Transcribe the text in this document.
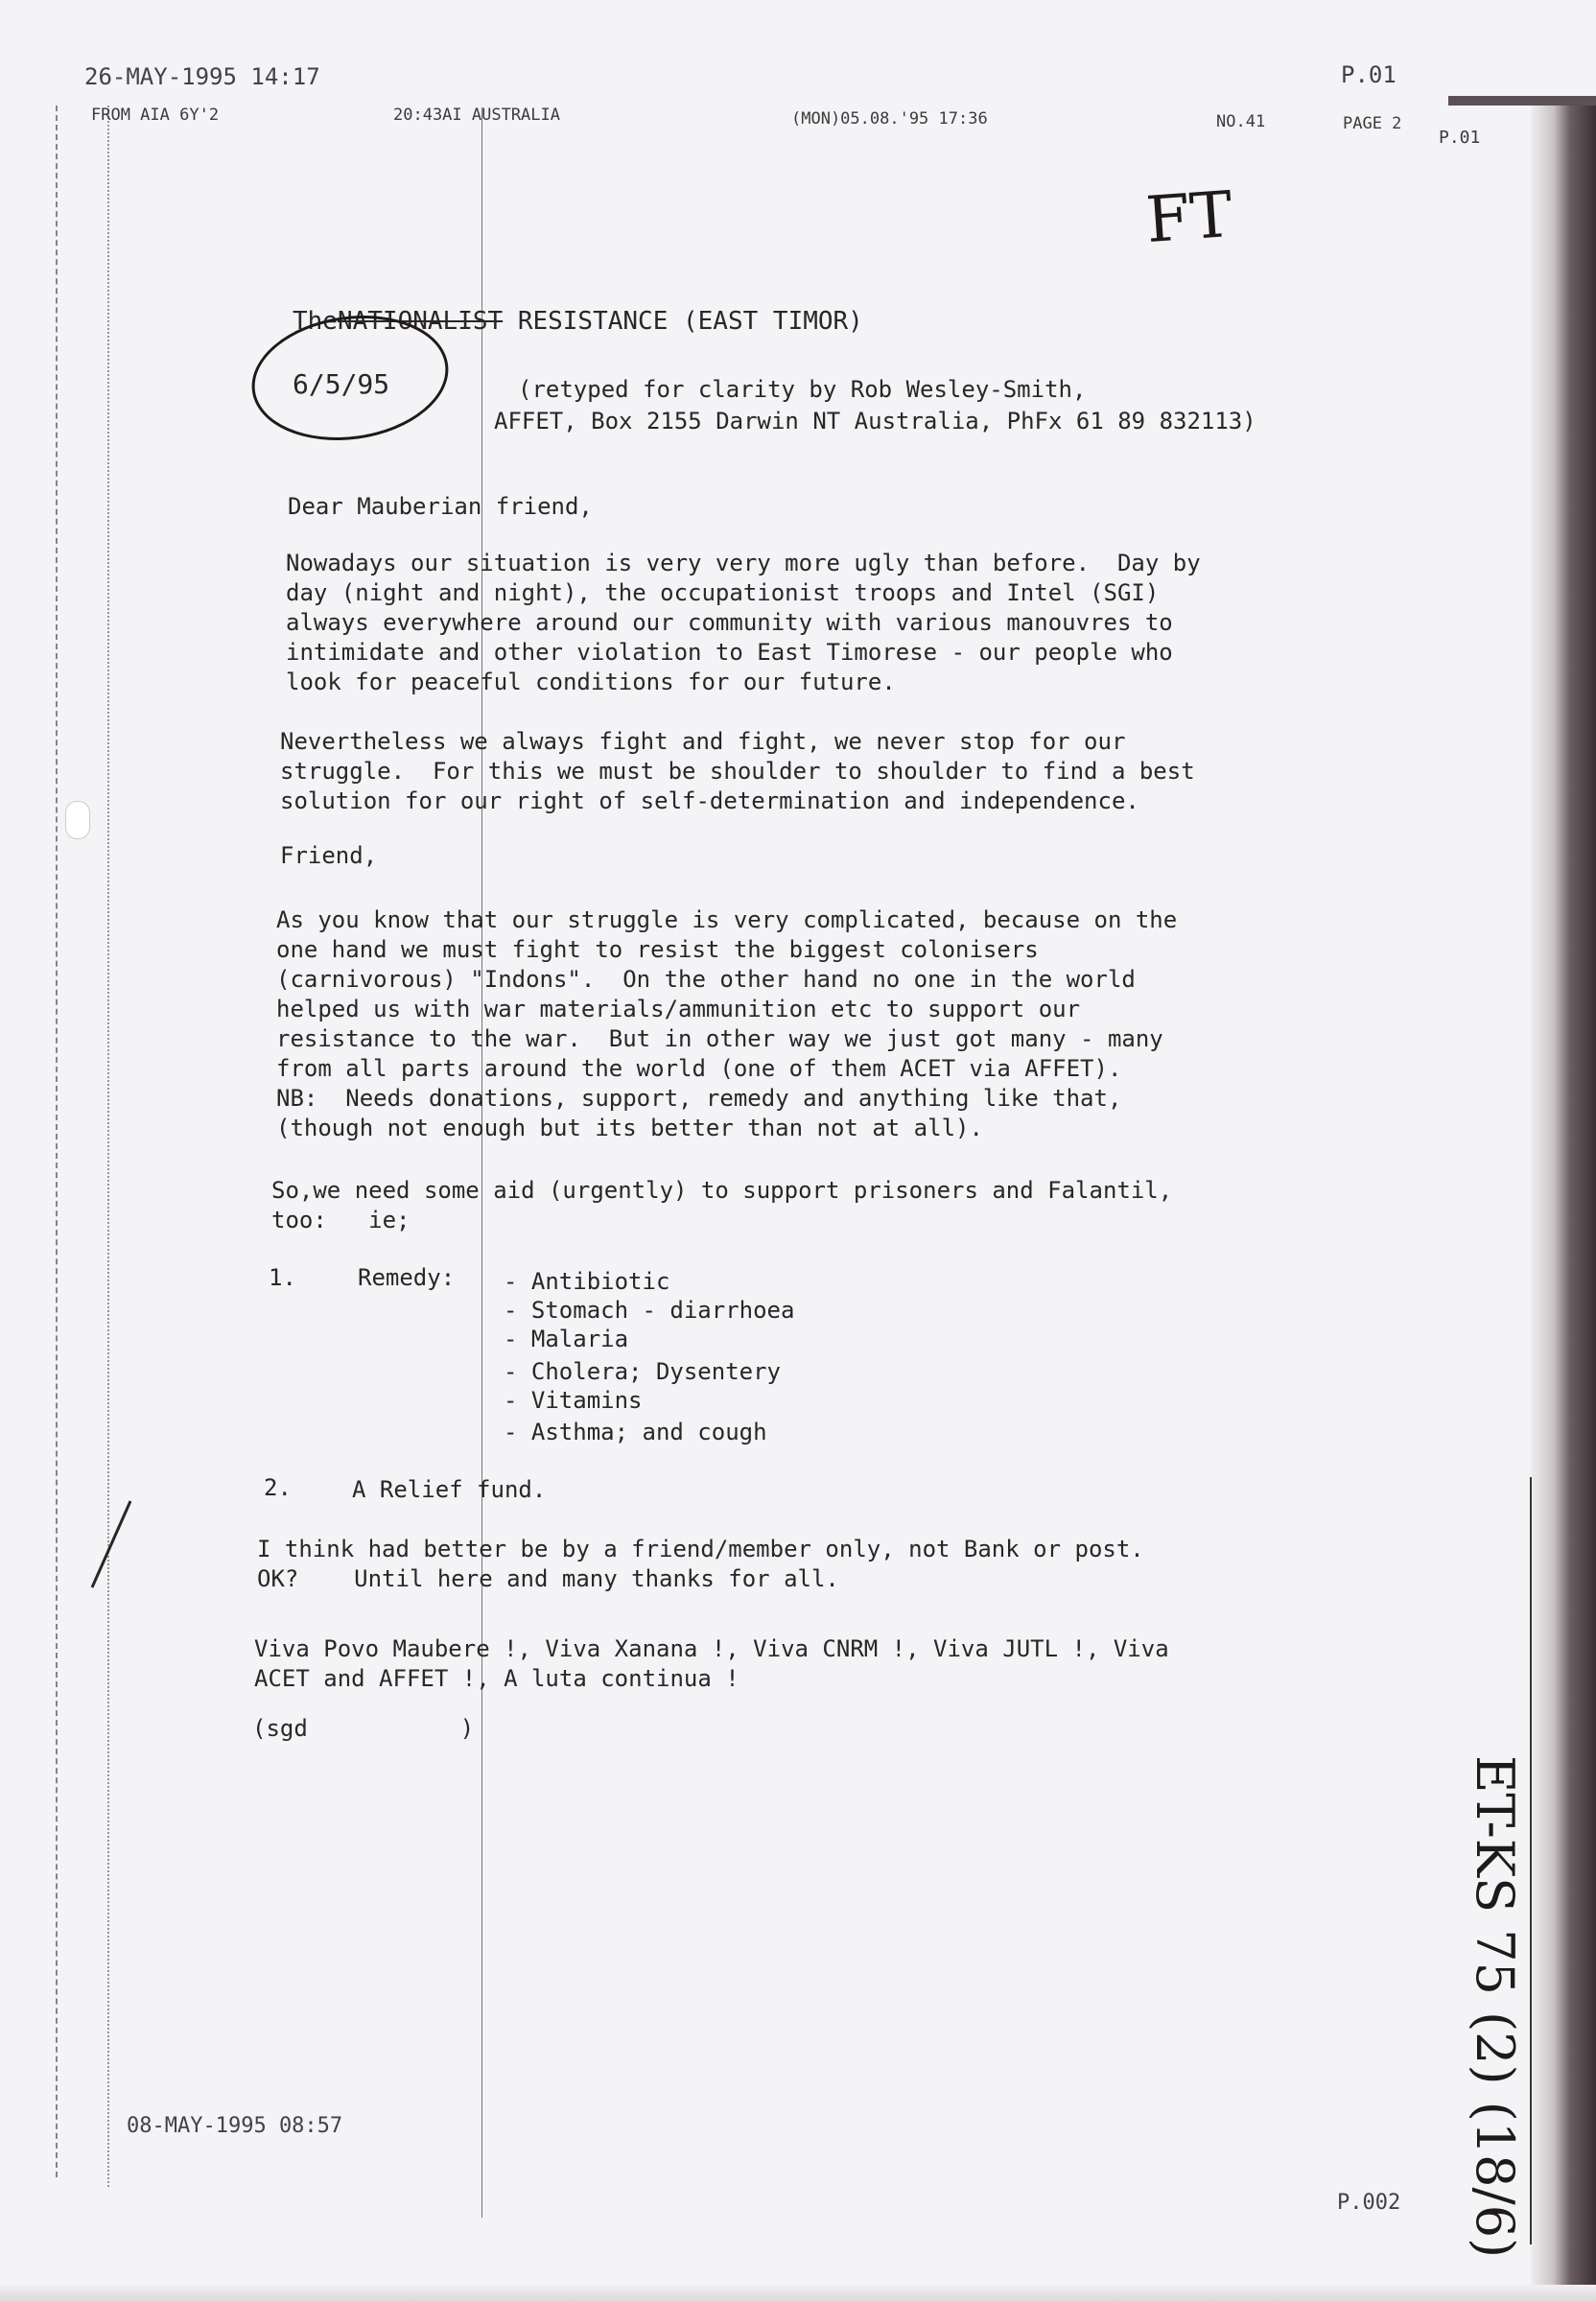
26-MAY-1995 14:17	P.01
FROM AIA 6Y'2	20:43AI AUSTRALIA	(MON)05.08.'95 17:36	NO.41	PAGE 2
P.01
FT
TheNATIONALIST RESISTANCE (EAST TIMOR)
6/5/95	(retyped for clarity by Rob Wesley-Smith,
AFFET, Box 2155 Darwin NT Australia, PhFx 61 89 832113)
Dear Mauberian friend,
Nowadays our situation is very very more ugly than before.  Day by
day (night and night), the occupationist troops and Intel (SGI)
always everywhere around our community with various manouvres to
intimidate and other violation to East Timorese - our people who
look for peaceful conditions for our future.
Nevertheless we always fight and fight, we never stop for our
struggle.  For this we must be shoulder to shoulder to find a best
solution for our right of self-determination and independence.
Friend,
As you know that our struggle is very complicated, because on the
one hand we must fight to resist the biggest colonisers
(carnivorous) "Indons".  On the other hand no one in the world
helped us with war materials/ammunition etc to support our
resistance to the war.  But in other way we just got many - many
from all parts around the world (one of them ACET via AFFET).
NB:  Needs donations, support, remedy and anything like that,
(though not enough but its better than not at all).
So,we need some aid (urgently) to support prisoners and Falantil,
too:   ie;
1.	Remedy: - Antibiotic
- Stomach - diarrhoea
- Malaria
- Cholera; Dysentery
- Vitamins
- Asthma; and cough
2.	A Relief fund.
I think had better be by a friend/member only, not Bank or post.
OK?    Until here and many thanks for all.
Viva Povo Maubere !, Viva Xanana !, Viva CNRM !, Viva JUTL !, Viva
ACET and AFFET !, A luta continua !
(sgd           )
ET-KS 75 (2) (18/6)
08-MAY-1995 08:57
P.002
